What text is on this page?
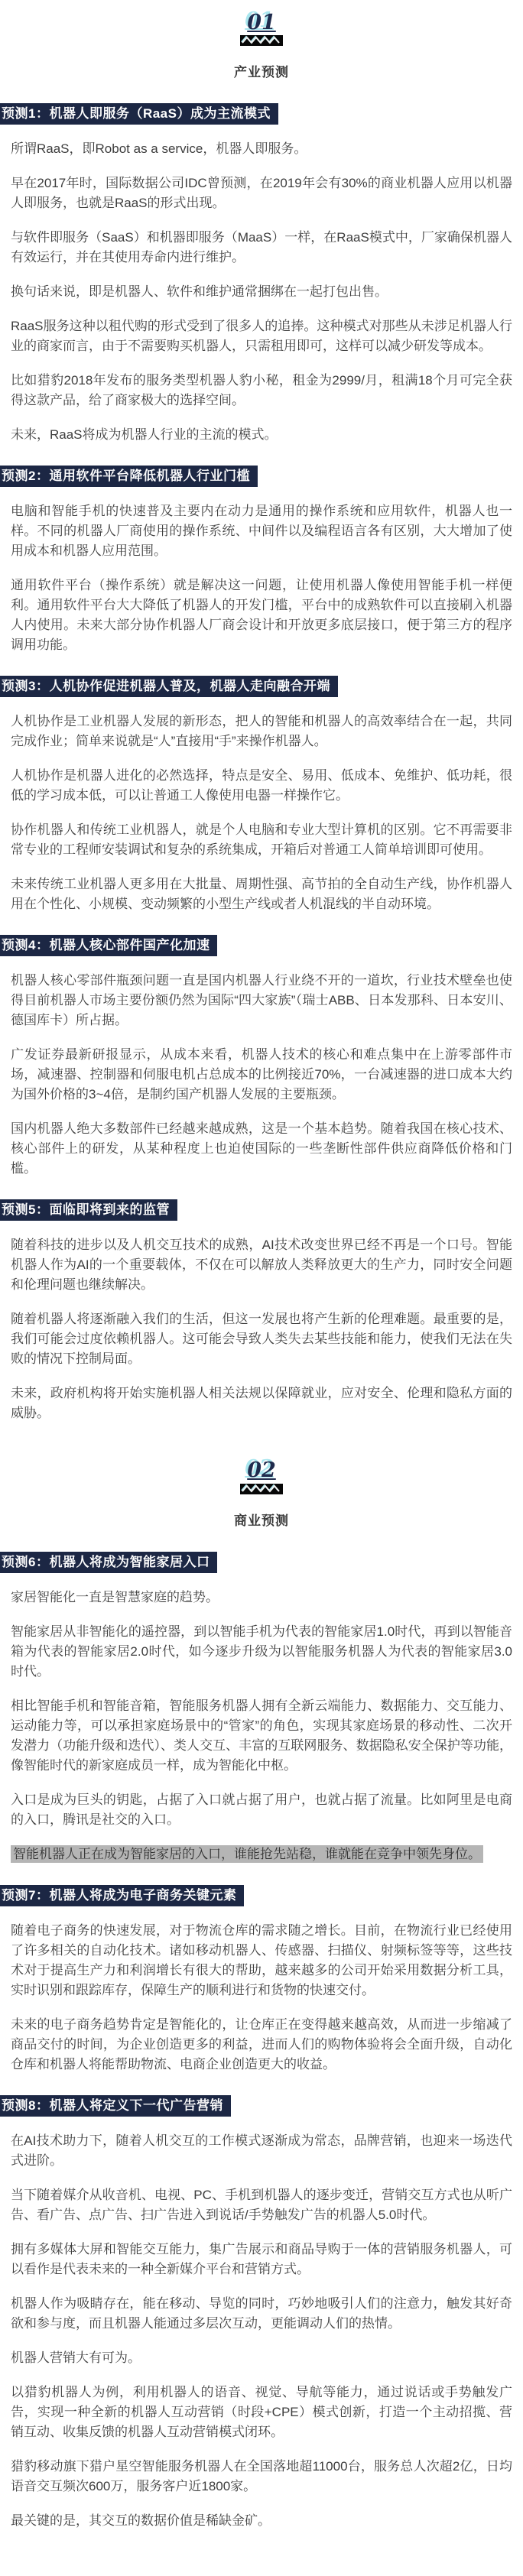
01
产业预测
预测1：机器人即服务（RaaS）成为主流模式

所谓RaaS，即Robot as a service，机器人即服务。

早在2017年时，国际数据公司IDC曾预测，在2019年会有30%的商业机器人应用以机器人即服务，也就是RaaS的形式出现。

与软件即服务（SaaS）和机器即服务（MaaS）一样，在RaaS模式中，厂家确保机器人有效运行，并在其使用寿命内进行维护。

换句话来说，即是机器人、软件和维护通常捆绑在一起打包出售。

RaaS服务这种以租代购的形式受到了很多人的追捧。这种模式对那些从未涉足机器人行业的商家而言，由于不需要购买机器人，只需租用即可，这样可以减少研发等成本。

比如猎豹2018年发布的服务类型机器人豹小秘，租金为2999/月，租满18个月可完全获得这款产品，给了商家极大的选择空间。

未来，RaaS将成为机器人行业的主流的模式。

预测2：通用软件平台降低机器人行业门槛

电脑和智能手机的快速普及主要内在动力是通用的操作系统和应用软件，机器人也一样。不同的机器人厂商使用的操作系统、中间件以及编程语言各有区别，大大增加了使用成本和机器人应用范围。

通用软件平台（操作系统）就是解决这一问题，让使用机器人像使用智能手机一样便利。通用软件平台大大降低了机器人的开发门槛，平台中的成熟软件可以直接刷入机器人内使用。未来大部分协作机器人厂商会设计和开放更多底层接口，便于第三方的程序调用功能。

预测3：人机协作促进机器人普及，机器人走向融合开端

人机协作是工业机器人发展的新形态，把人的智能和机器人的高效率结合在一起，共同完成作业；简单来说就是“人”直接用“手”来操作机器人。

人机协作是机器人进化的必然选择，特点是安全、易用、低成本、免维护、低功耗，很低的学习成本低，可以让普通工人像使用电器一样操作它。

协作机器人和传统工业机器人，就是个人电脑和专业大型计算机的区别。它不再需要非常专业的工程师安装调试和复杂的系统集成，开箱后对普通工人简单培训即可使用。

未来传统工业机器人更多用在大批量、周期性强、高节拍的全自动生产线，协作机器人用在个性化、小规模、变动频繁的小型生产线或者人机混线的半自动环境。

预测4：机器人核心部件国产化加速

机器人核心零部件瓶颈问题一直是国内机器人行业绕不开的一道坎，行业技术壁垒也使得目前机器人市场主要份额仍然为国际“四大家族”（瑞士ABB、日本发那科、日本安川、德国库卡）所占据。

广发证券最新研报显示，从成本来看，机器人技术的核心和难点集中在上游零部件市场，减速器、控制器和伺服电机占总成本的比例接近70%，一台减速器的进口成本大约为国外价格的3~4倍，是制约国产机器人发展的主要瓶颈。

国内机器人绝大多数部件已经越来越成熟，这是一个基本趋势。随着我国在核心技术、核心部件上的研发，从某种程度上也迫使国际的一些垄断性部件供应商降低价格和门槛。

预测5：面临即将到来的监管

随着科技的进步以及人机交互技术的成熟，AI技术改变世界已经不再是一个口号。智能机器人作为AI的一个重要载体，不仅在可以解放人类释放更大的生产力，同时安全问题和伦理问题也继续解决。

随着机器人将逐渐融入我们的生活，但这一发展也将产生新的伦理难题。最重要的是，我们可能会过度依赖机器人。这可能会导致人类失去某些技能和能力，使我们无法在失败的情况下控制局面。

未来，政府机构将开始实施机器人相关法规以保障就业，应对安全、伦理和隐私方面的威胁。

02
商业预测
预测6：机器人将成为智能家居入口

家居智能化一直是智慧家庭的趋势。

智能家居从非智能化的遥控器，到以智能手机为代表的智能家居1.0时代，再到以智能音箱为代表的智能家居2.0时代，如今逐步升级为以智能服务机器人为代表的智能家居3.0时代。

相比智能手机和智能音箱，智能服务机器人拥有全新云端能力、数据能力、交互能力、运动能力等，可以承担家庭场景中的“管家”的角色，实现其家庭场景的移动性、二次开发潜力（功能升级和迭代）、类人交互、丰富的互联网服务、数据隐私安全保护等功能，像智能时代的新家庭成员一样，成为智能化中枢。

入口是成为巨头的钥匙，占据了入口就占据了用户，也就占据了流量。比如阿里是电商的入口，腾讯是社交的入口。

智能机器人正在成为智能家居的入口，谁能抢先站稳，谁就能在竞争中领先身位。

预测7：机器人将成为电子商务关键元素

随着电子商务的快速发展，对于物流仓库的需求随之增长。目前，在物流行业已经使用了许多相关的自动化技术。诸如移动机器人、传感器、扫描仪、射频标签等等，这些技术对于提高生产力和利润增长有很大的帮助，越来越多的公司开始采用数据分析工具，实时识别和跟踪库存，保障生产的顺利进行和货物的快速交付。

未来的电子商务趋势肯定是智能化的，让仓库正在变得越来越高效，从而进一步缩减了商品交付的时间，为企业创造更多的利益，进而人们的购物体验将会全面升级，自动化仓库和机器人将能帮助物流、电商企业创造更大的收益。

预测8：机器人将定义下一代广告营销

在AI技术助力下，随着人机交互的工作模式逐渐成为常态，品牌营销，也迎来一场迭代式进阶。

当下随着媒介从收音机、电视、PC、手机到机器人的逐步变迁，营销交互方式也从听广告、看广告、点广告、扫广告进入到说话/手势触发广告的机器人5.0时代。

拥有多媒体大屏和智能交互能力，集广告展示和商品导购于一体的营销服务机器人，可以看作是代表未来的一种全新媒介平台和营销方式。

机器人作为吸睛存在，能在移动、导览的同时，巧妙地吸引人们的注意力，触发其好奇欲和参与度，而且机器人能通过多层次互动，更能调动人们的热情。

机器人营销大有可为。

以猎豹机器人为例，利用机器人的语音、视觉、导航等能力，通过说话或手势触发广告，实现一种全新的机器人互动营销（时段+CPE）模式创新，打造一个主动招揽、营销互动、收集反馈的机器人互动营销模式闭环。

猎豹移动旗下猎户星空智能服务机器人在全国落地超11000台，服务总人次超2亿，日均语音交互频次600万，服务客户近1800家。

最关键的是，其交互的数据价值是稀缺金矿。
